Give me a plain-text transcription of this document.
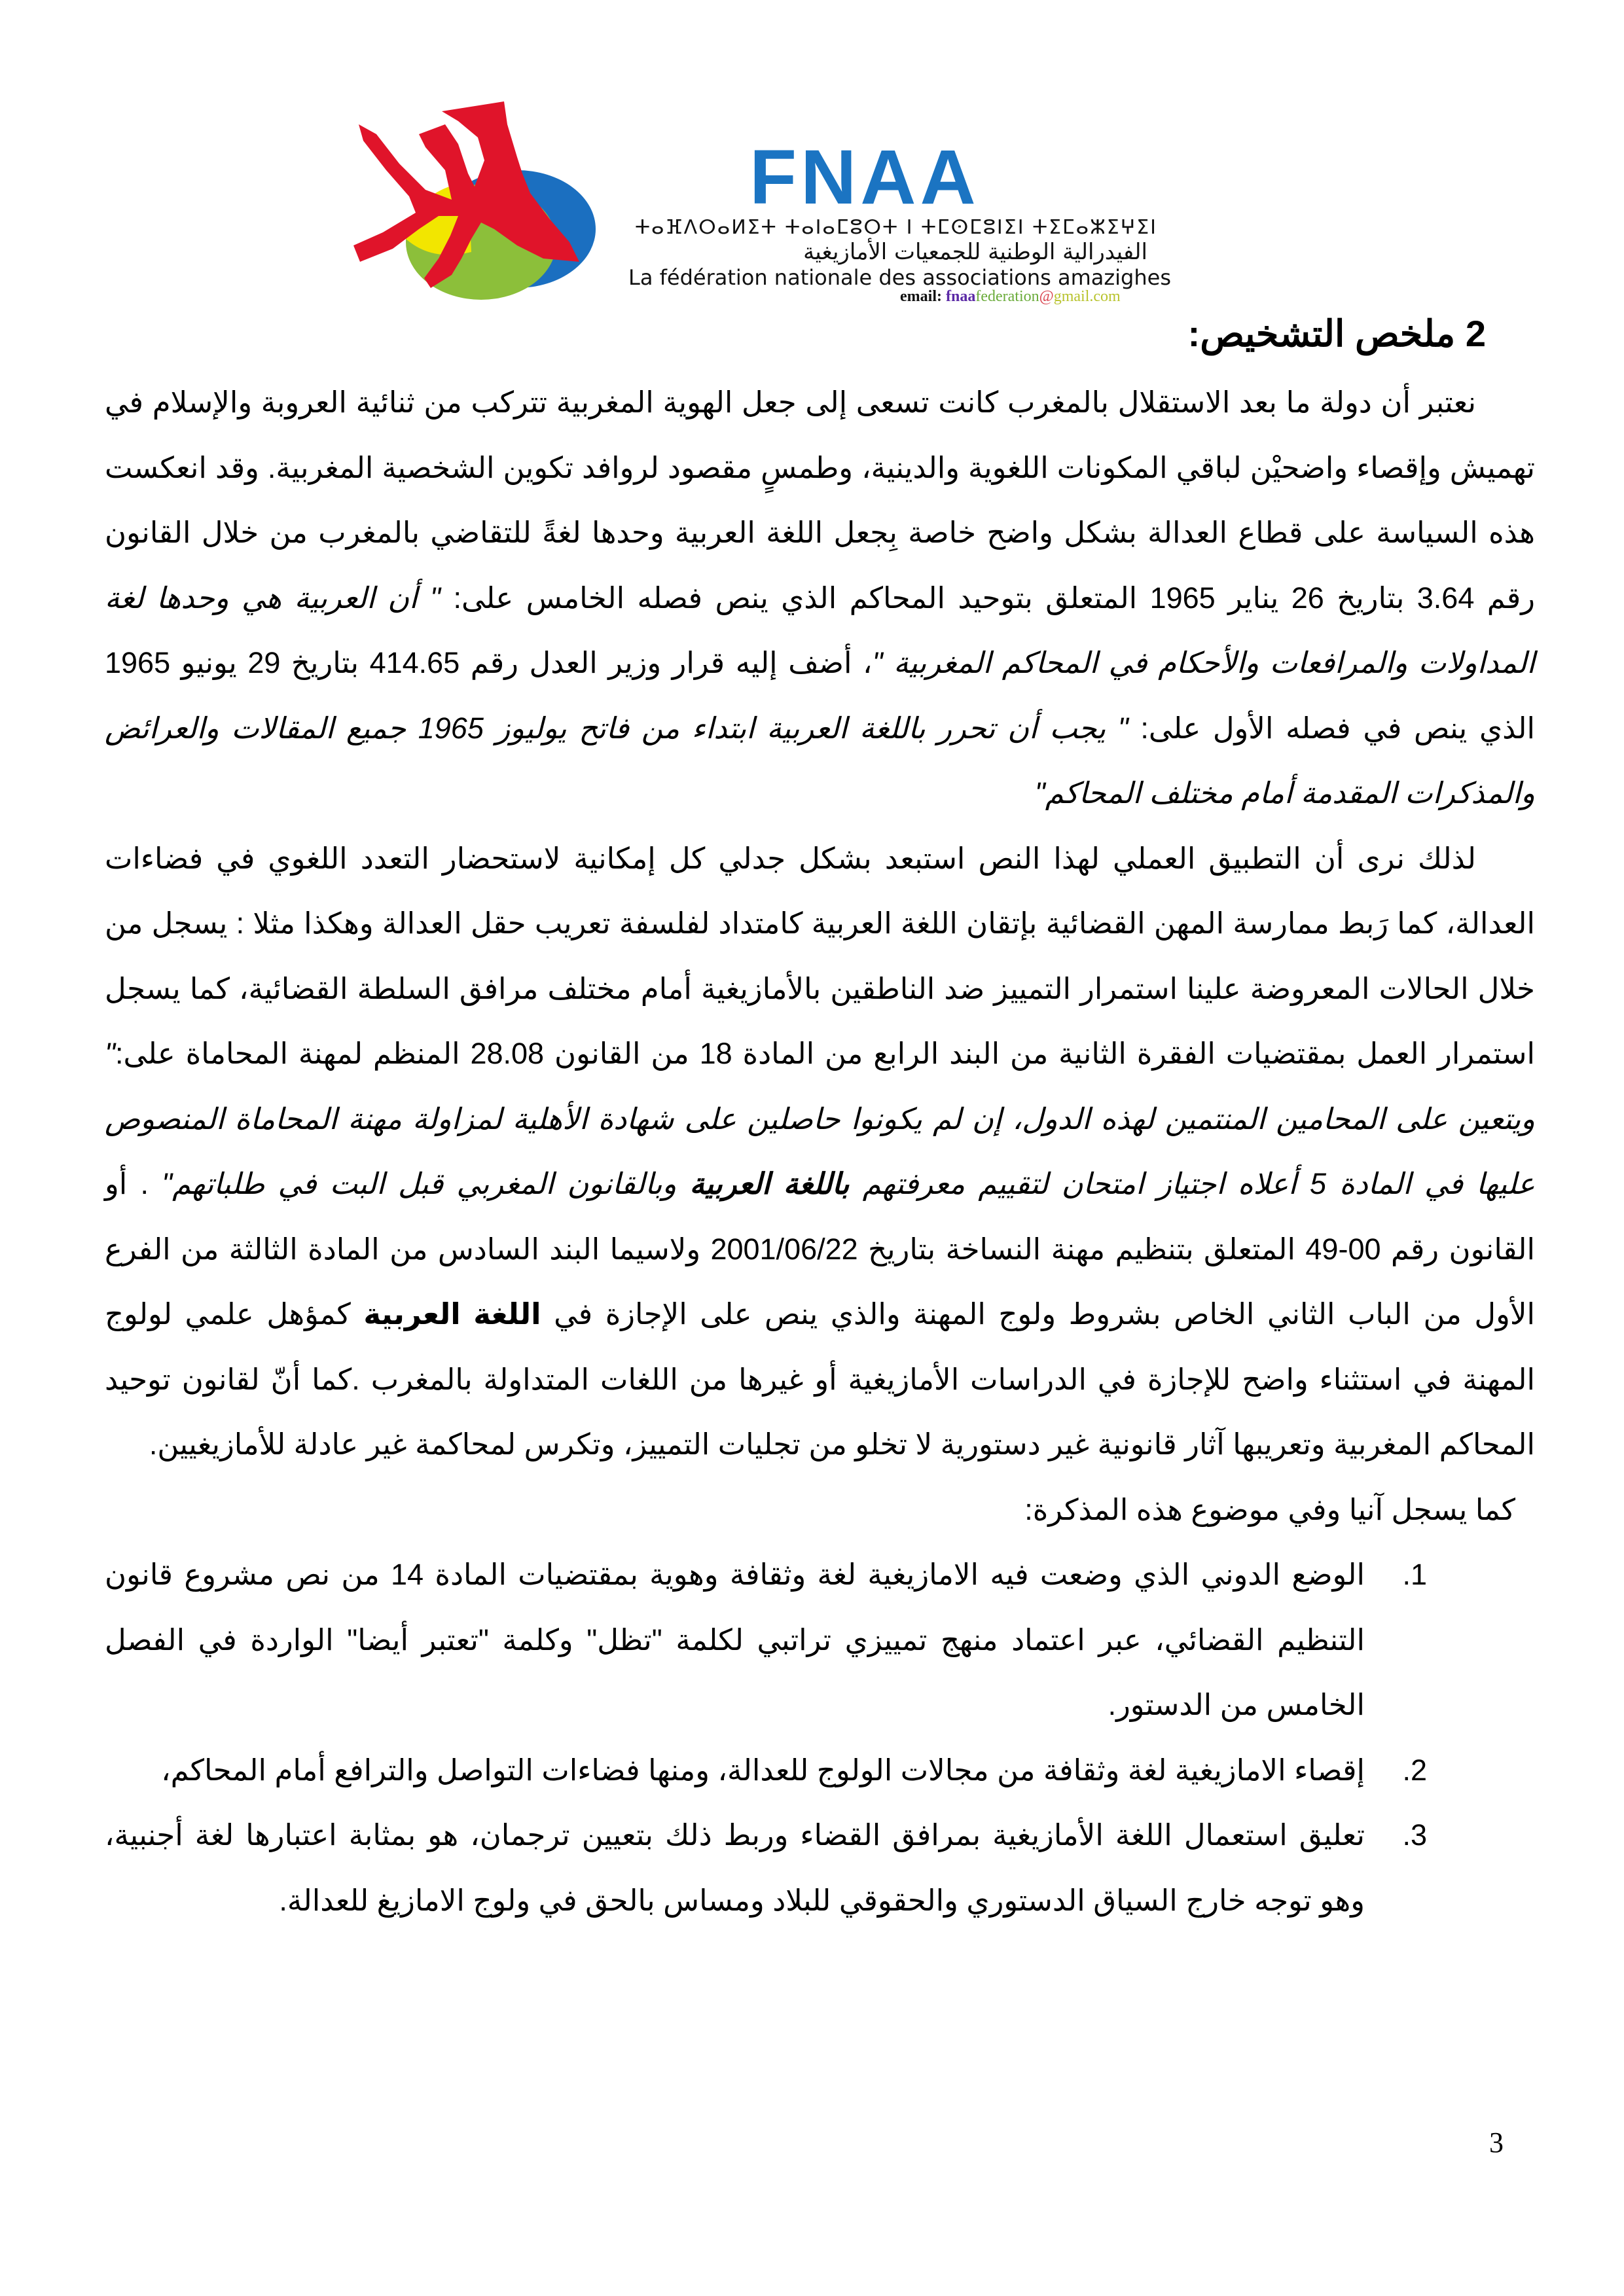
FNAA
ⵜⴰⴼⴷⵔⴰⵍⵉⵜ ⵜⴰⵏⴰⵎⵓⵔⵜ ⵏ ⵜⵎⵙⵎⵓⵏⵉⵏ ⵜⵉⵎⴰⵣⵉⵖⵉⵏ
الفيدرالية الوطنية للجمعيات الأمازيغية
La fédération nationale des associations amazighes
email: fnaafederation@gmail.com
2 ملخص التشخيص:

نعتبر أن دولة ما بعد الاستقلال بالمغرب كانت تسعى إلى جعل الهوية المغربية تتركب من ثنائية العروبة والإسلام في تهميش وإقصاء واضحيْن لباقي المكونات اللغوية والدينية، وطمسٍ مقصود لروافد تكوين الشخصية المغربية. وقد انعكست هذه السياسة على قطاع العدالة بشكل واضح خاصة بِجعل اللغة العربية وحدها لغةً للتقاضي بالمغرب من خلال القانون رقم 3.64 بتاريخ 26 يناير 1965 المتعلق بتوحيد المحاكم الذي ينص فصله الخامس على: " أن العربية هي وحدها لغة المداولات والمرافعات والأحكام في المحاكم المغربية "، أضف إليه قرار وزير العدل رقم 414.65 بتاريخ 29 يونيو 1965 الذي ينص في فصله الأول على: " يجب أن تحرر باللغة العربية ابتداء من فاتح يوليوز 1965 جميع المقالات والعرائض والمذكرات المقدمة أمام مختلف المحاكم"

لذلك نرى أن التطبيق العملي لهذا النص استبعد بشكل جدلي كل إمكانية لاستحضار التعدد اللغوي في فضاءات العدالة، كما رَبط ممارسة المهن القضائية بإتقان اللغة العربية كامتداد لفلسفة تعريب حقل العدالة وهكذا مثلا : يسجل من خلال الحالات المعروضة علينا استمرار التمييز ضد الناطقين بالأمازيغية أمام مختلف مرافق السلطة القضائية، كما يسجل استمرار العمل بمقتضيات الفقرة الثانية من البند الرابع من المادة 18 من القانون 28.08 المنظم لمهنة المحاماة على:" ويتعين على المحامين المنتمين لهذه الدول، إن لم يكونوا حاصلين على شهادة الأهلية لمزاولة مهنة المحاماة المنصوص عليها في المادة 5 أعلاه اجتياز امتحان لتقييم معرفتهم باللغة العربية وبالقانون المغربي قبل البت في طلباتهم" . أو القانون رقم 00-49 المتعلق بتنظيم مهنة النساخة بتاريخ 2001/06/22 ولاسيما البند السادس من المادة الثالثة من الفرع الأول من الباب الثاني الخاص بشروط ولوج المهنة والذي ينص على الإجازة في اللغة العربية كمؤهل علمي لولوج المهنة في استثناء واضح للإجازة في الدراسات الأمازيغية أو غيرها من اللغات المتداولة بالمغرب .كما أنّ لقانون توحيد المحاكم المغربية وتعريبها آثار قانونية غير دستورية لا تخلو من تجليات التمييز، وتكرس لمحاكمة غير عادلة للأمازيغيين.

كما يسجل آنيا وفي موضوع هذه المذكرة:

1.
الوضع الدوني الذي وضعت فيه الامازيغية لغة وثقافة وهوية بمقتضيات المادة 14 من نص مشروع قانون التنظيم القضائي، عبر اعتماد منهج تمييزي تراتبي لكلمة "تظل" وكلمة "تعتبر أيضا" الواردة في الفصل الخامس من الدستور.
2.
إقصاء الامازيغية لغة وثقافة من مجالات الولوج للعدالة، ومنها فضاءات التواصل والترافع أمام المحاكم،
3.
تعليق استعمال اللغة الأمازيغية بمرافق القضاء وربط ذلك بتعيين ترجمان، هو بمثابة اعتبارها لغة أجنبية، وهو توجه خارج السياق الدستوري والحقوقي للبلاد ومساس بالحق في ولوج الامازيغ للعدالة.
3
